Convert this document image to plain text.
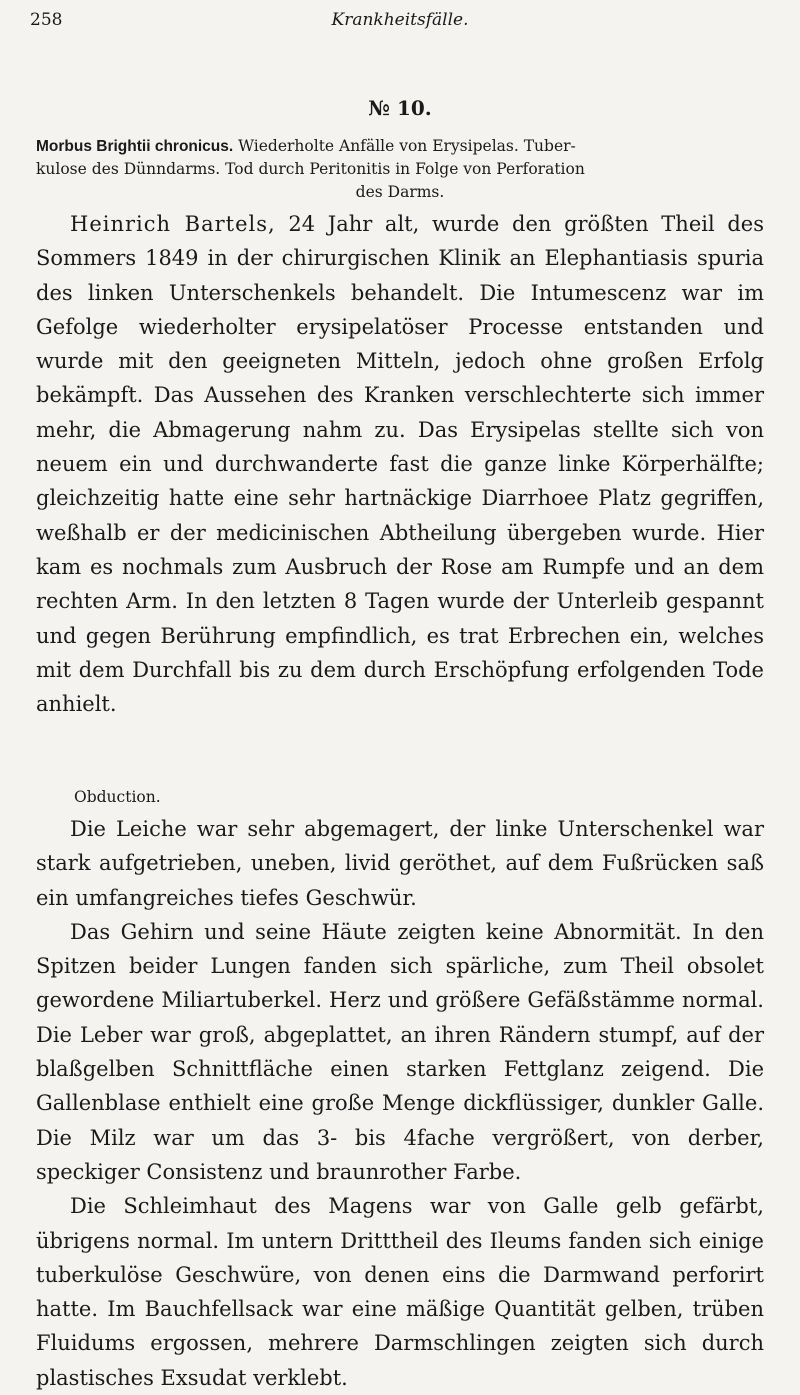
258	Krankheitsfälle.
№ 10.
Morbus Brightii chronicus. Wiederholte Anfälle von Erysipelas. Tuber-
kulose des Dünndarms. Tod durch Peritonitis in Folge von Perforation
des Darms.

Heinrich Bartels, 24 Jahr alt, wurde den größten Theil des Sommers 1849 in der chirurgischen Klinik an Elephantiasis spuria des linken Unterschenkels behandelt. Die Intumescenz war im Gefolge wiederholter erysipelatöser Processe entstanden und wurde mit den geeigneten Mitteln, jedoch ohne großen Erfolg bekämpft. Das Aussehen des Kranken verschlechterte sich immer mehr, die Abmagerung nahm zu. Das Erysipelas stellte sich von neuem ein und durchwanderte fast die ganze linke Körperhälfte; gleichzeitig hatte eine sehr hartnäckige Diarrhoee Platz gegriffen, weßhalb er der medicinischen Abtheilung übergeben wurde. Hier kam es nochmals zum Ausbruch der Rose am Rumpfe und an dem rechten Arm. In den letzten 8 Tagen wurde der Unterleib gespannt und gegen Berührung empfindlich, es trat Erbrechen ein, welches mit dem Durchfall bis zu dem durch Erschöpfung erfolgenden Tode anhielt.

Obduction.

Die Leiche war sehr abgemagert, der linke Unterschenkel war stark aufgetrieben, uneben, livid geröthet, auf dem Fußrücken saß ein umfangreiches tiefes Geschwür.

Das Gehirn und seine Häute zeigten keine Abnormität. In den Spitzen beider Lungen fanden sich spärliche, zum Theil obsolet gewordene Miliartuberkel. Herz und größere Gefäßstämme normal. Die Leber war groß, abgeplattet, an ihren Rändern stumpf, auf der blaßgelben Schnittfläche einen starken Fettglanz zeigend. Die Gallenblase enthielt eine große Menge dickflüssiger, dunkler Galle. Die Milz war um das 3- bis 4fache vergrößert, von derber, speckiger Consistenz und braunrother Farbe.

Die Schleimhaut des Magens war von Galle gelb gefärbt, übrigens normal. Im untern Dritttheil des Ileums fanden sich einige tuberkulöse Geschwüre, von denen eins die Darmwand perforirt hatte. Im Bauchfellsack war eine mäßige Quantität gelben, trüben Fluidums ergossen, mehrere Darmschlingen zeigten sich durch plastisches Exsudat verklebt.
